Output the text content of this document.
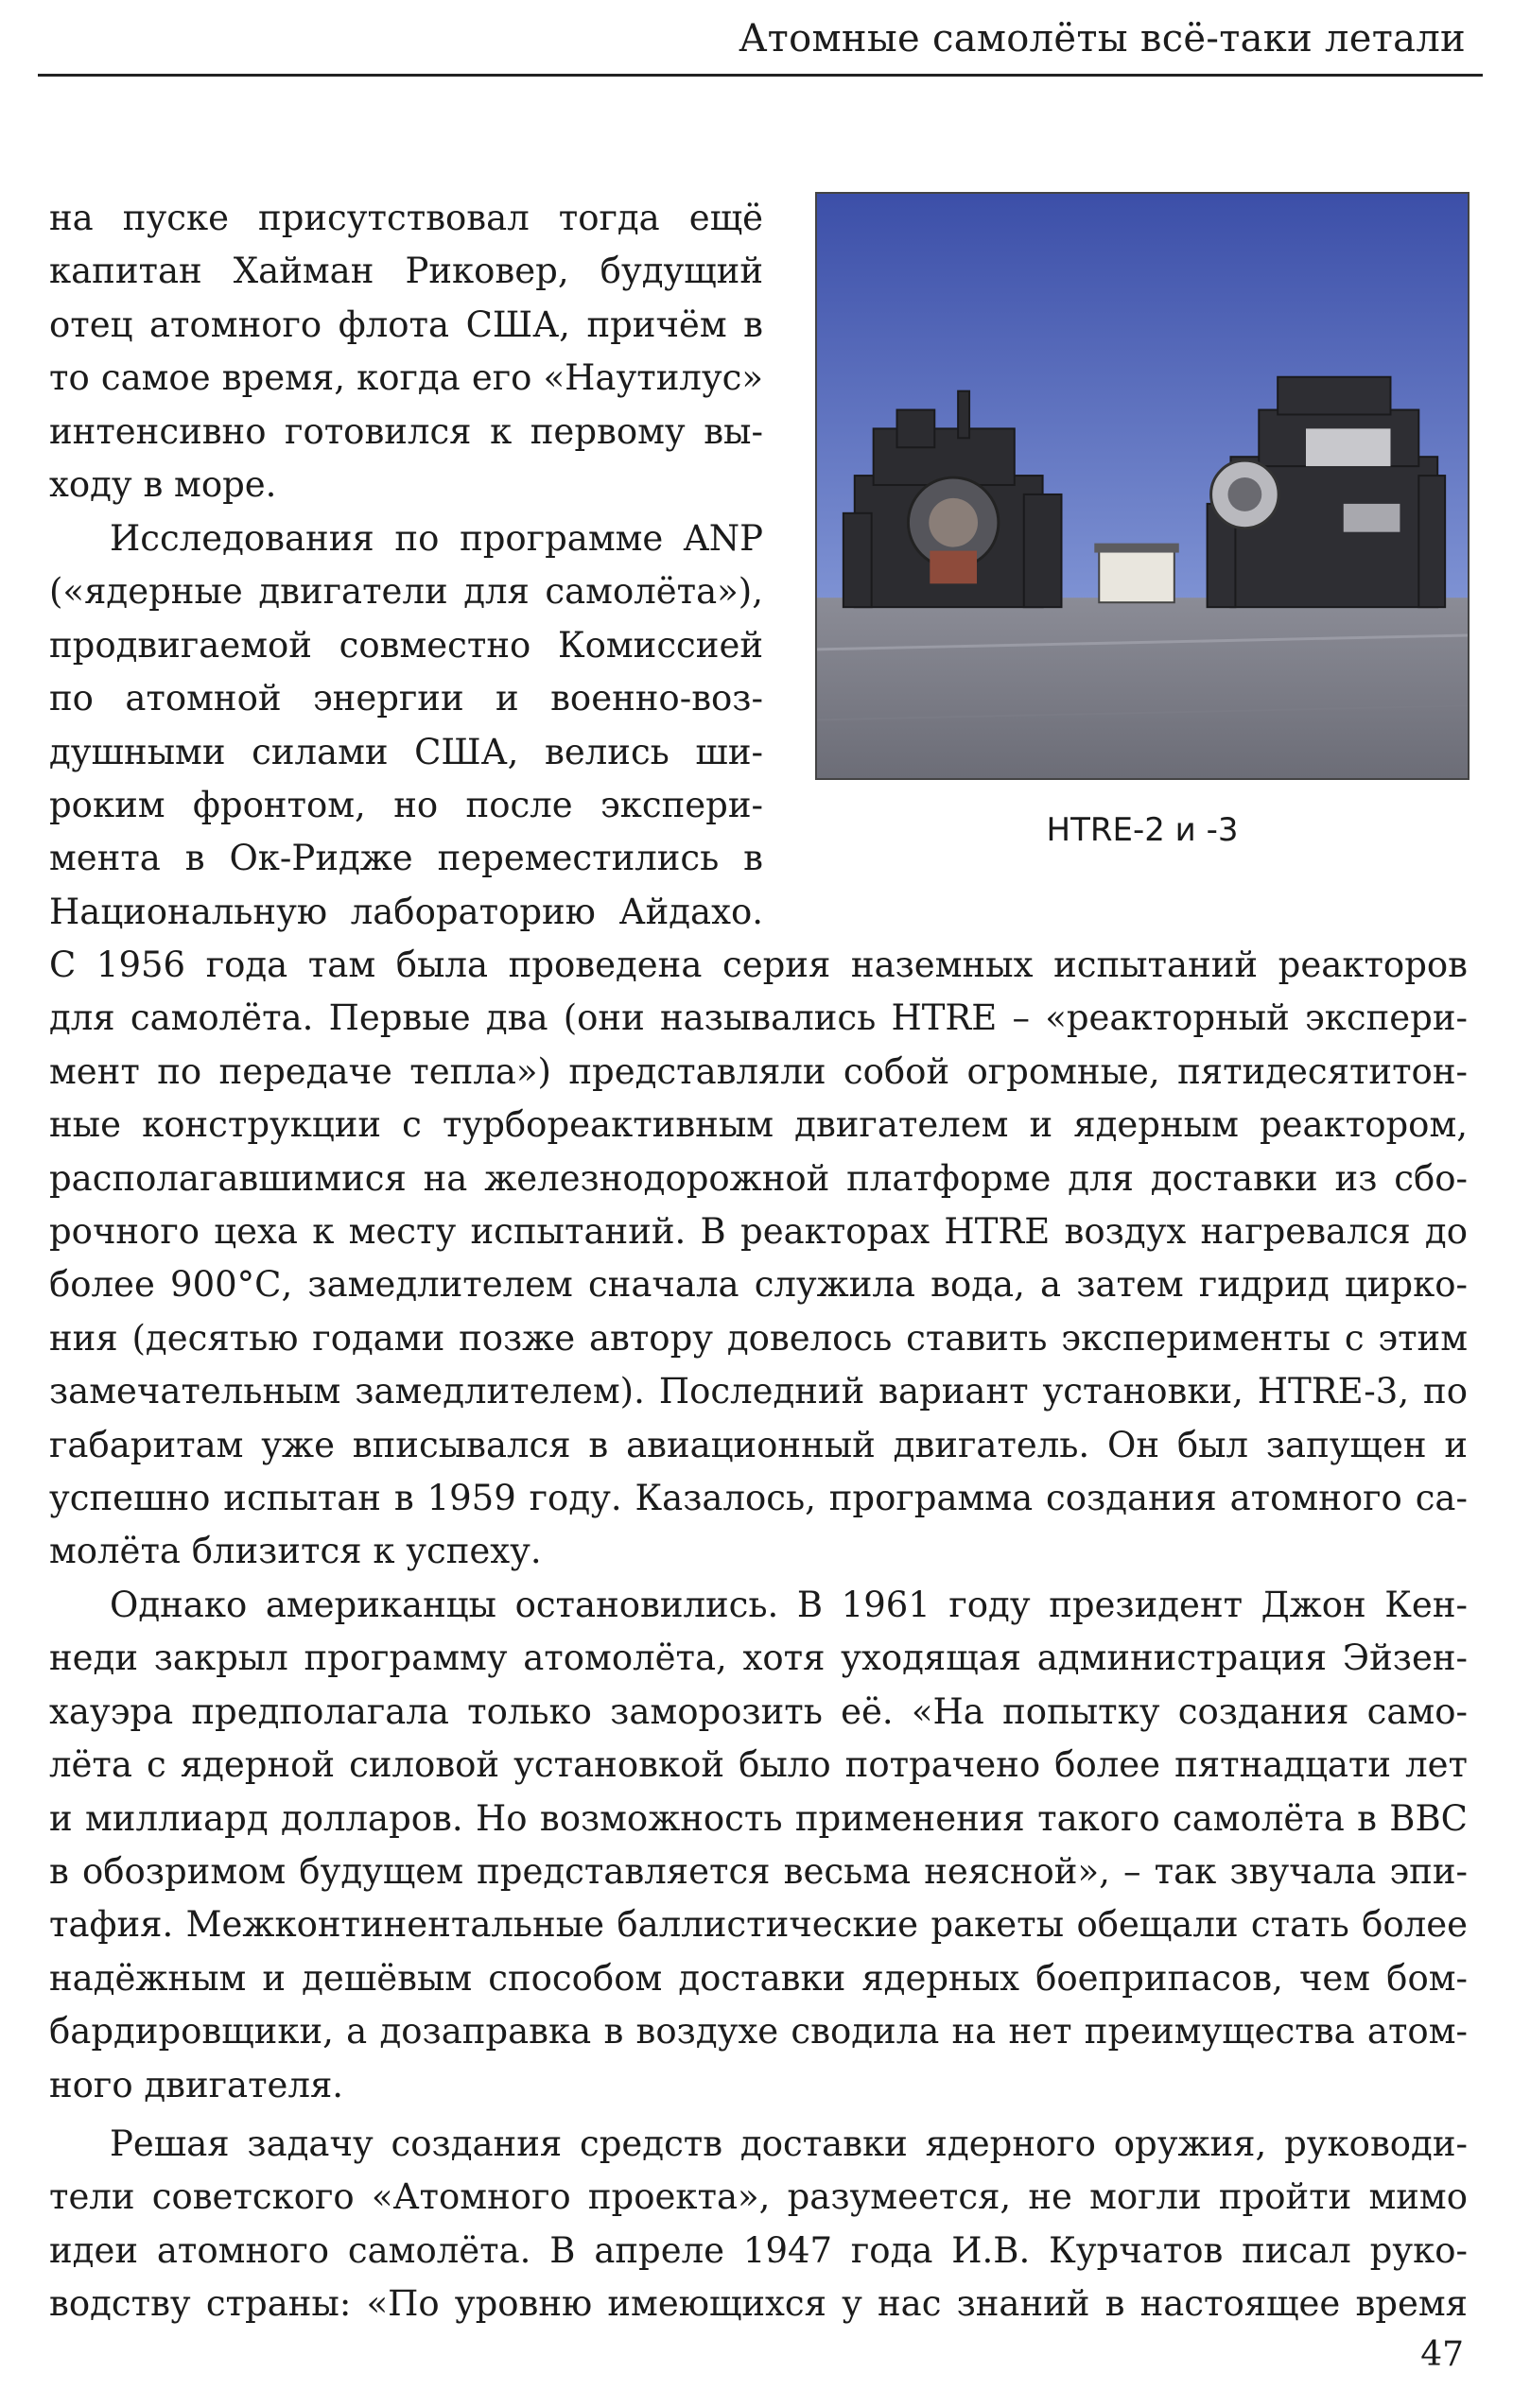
Атомные самолёты всё-таки летали
на пуске присутствовал тогда ещё
капитан Хайман Риковер, будущий
отец атомного флота США, причём в
то самое время, когда его «Наутилус»
интенсивно готовился к первому вы-
ходу в море.
Исследования по программе ANP
(«ядерные двигатели для самолёта»),
продвигаемой совместно Комиссией
по атомной энергии и военно-воз-
душными силами США, велись ши-
роким фронтом, но после экспери-
мента в Ок-Ридже переместились в
Национальную лабораторию Айдахо.
HTRE-2 и -3
С 1956 года там была проведена серия наземных испытаний реакторов
для самолёта. Первые два (они назывались HTRE – «реакторный экспери-
мент по передаче тепла») представляли собой огромные, пятидесятитон-
ные конструкции с турбореактивным двигателем и ядерным реактором,
располагавшимися на железнодорожной платформе для доставки из сбо-
рочного цеха к месту испытаний. В реакторах HTRE воздух нагревался до
более 900°С, замедлителем сначала служила вода, а затем гидрид цирко-
ния (десятью годами позже автору довелось ставить эксперименты с этим
замечательным замедлителем). Последний вариант установки, HTRE-3, по
габаритам уже вписывался в авиационный двигатель. Он был запущен и
успешно испытан в 1959 году. Казалось, программа создания атомного са-
молёта близится к успеху.
Однако американцы остановились. В 1961 году президент Джон Кен-
неди закрыл программу атомолёта, хотя уходящая администрация Эйзен-
хауэра предполагала только заморозить её. «На попытку создания само-
лёта с ядерной силовой установкой было потрачено более пятнадцати лет
и миллиард долларов. Но возможность применения такого самолёта в ВВС
в обозримом будущем представляется весьма неясной», – так звучала эпи-
тафия. Межконтинентальные баллистические ракеты обещали стать более
надёжным и дешёвым способом доставки ядерных боеприпасов, чем бом-
бардировщики, а дозаправка в воздухе сводила на нет преимущества атом-
ного двигателя.
Решая задачу создания средств доставки ядерного оружия, руководи-
тели советского «Атомного проекта», разумеется, не могли пройти мимо
идеи атомного самолёта. В апреле 1947 года И.В. Курчатов писал руко-
водству страны: «По уровню имеющихся у нас знаний в настоящее время
47
